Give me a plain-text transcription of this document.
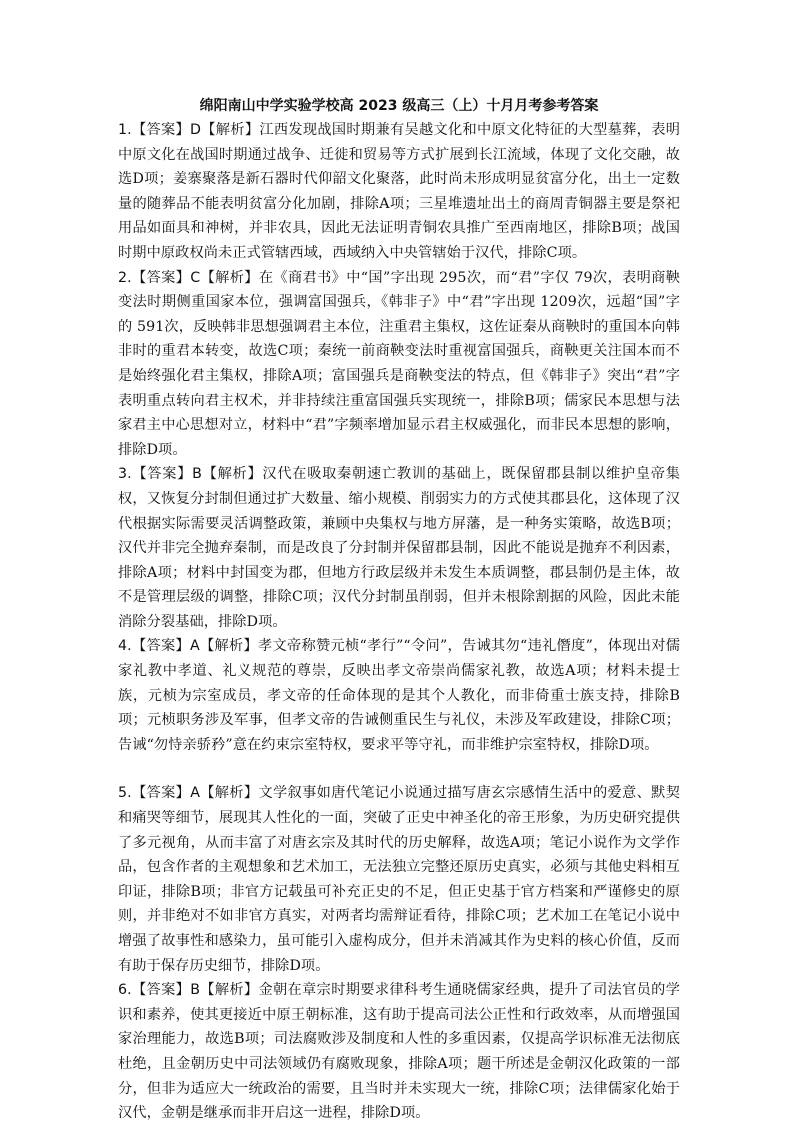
绵阳南山中学实验学校高 2023 级高三（上）十月月考参考答案

1.【答案】D【解析】江西发现战国时期兼有吴越文化和中原文化特征的大型墓葬，表明中原文化在战国时期通过战争、迁徙和贸易等方式扩展到长江流域，体现了文化交融，故选D项；姜寨聚落是新石器时代仰韶文化聚落，此时尚未形成明显贫富分化，出土一定数量的随葬品不能表明贫富分化加剧，排除A项；三星堆遗址出土的商周青铜器主要是祭祀用品如面具和神树，并非农具，因此无法证明青铜农具推广至西南地区，排除B项；战国时期中原政权尚未正式管辖西域，西域纳入中央管辖始于汉代，排除C项。

2.【答案】C【解析】在《商君书》中“国”字出现 295次，而“君”字仅 79次，表明商鞅变法时期侧重国家本位，强调富国强兵，《韩非子》中“君”字出现 1209次，远超“国”字的 591次，反映韩非思想强调君主本位，注重君主集权，这佐证秦从商鞅时的重国本向韩非时的重君本转变，故选C项；秦统一前商鞅变法时重视富国强兵，商鞅更关注国本而不是始终强化君主集权，排除A项；富国强兵是商鞅变法的特点，但《韩非子》突出“君”字表明重点转向君主权术，并非持续注重富国强兵实现统一，排除B项；儒家民本思想与法家君主中心思想对立，材料中“君”字频率增加显示君主权威强化，而非民本思想的影响，排除D项。

3.【答案】B【解析】汉代在吸取秦朝速亡教训的基础上，既保留郡县制以维护皇帝集权，又恢复分封制但通过扩大数量、缩小规模、削弱实力的方式使其郡县化，这体现了汉代根据实际需要灵活调整政策，兼顾中央集权与地方屏藩，是一种务实策略，故选B项；汉代并非完全抛弃秦制，而是改良了分封制并保留郡县制，因此不能说是抛弃不利因素，排除A项；材料中封国变为郡，但地方行政层级并未发生本质调整，郡县制仍是主体，故不是管理层级的调整，排除C项；汉代分封制虽削弱，但并未根除割据的风险，因此未能消除分裂基础，排除D项。

4.【答案】A【解析】孝文帝称赞元桢“孝行”“令问”，告诫其勿“违礼僭度”，体现出对儒家礼教中孝道、礼义规范的尊崇，反映出孝文帝崇尚儒家礼教，故选A项；材料未提士族，元桢为宗室成员，孝文帝的任命体现的是其个人教化，而非倚重士族支持，排除B项；元桢职务涉及军事，但孝文帝的告诫侧重民生与礼仪，未涉及军政建设，排除C项；告诫“勿恃亲骄矜”意在约束宗室特权，要求平等守礼，而非维护宗室特权，排除D项。

5.【答案】A【解析】文学叙事如唐代笔记小说通过描写唐玄宗感情生活中的爱意、默契和痛哭等细节，展现其人性化的一面，突破了正史中神圣化的帝王形象，为历史研究提供了多元视角，从而丰富了对唐玄宗及其时代的历史解释，故选A项；笔记小说作为文学作品，包含作者的主观想象和艺术加工，无法独立完整还原历史真实，必须与其他史料相互印证，排除B项；非官方记载虽可补充正史的不足，但正史基于官方档案和严谨修史的原则，并非绝对不如非官方真实，对两者均需辩证看待，排除C项；艺术加工在笔记小说中增强了故事性和感染力，虽可能引入虚构成分，但并未消减其作为史料的核心价值，反而有助于保存历史细节，排除D项。

6.【答案】B【解析】金朝在章宗时期要求律科考生通晓儒家经典，提升了司法官员的学识和素养，使其更接近中原王朝标准，这有助于提高司法公正性和行政效率，从而增强国家治理能力，故选B项；司法腐败涉及制度和人性的多重因素，仅提高学识标准无法彻底杜绝，且金朝历史中司法领域仍有腐败现象，排除A项；题干所述是金朝汉化政策的一部分，但非为适应大一统政治的需要，且当时并未实现大一统，排除C项；法律儒家化始于汉代，金朝是继承而非开启这一进程，排除D项。
